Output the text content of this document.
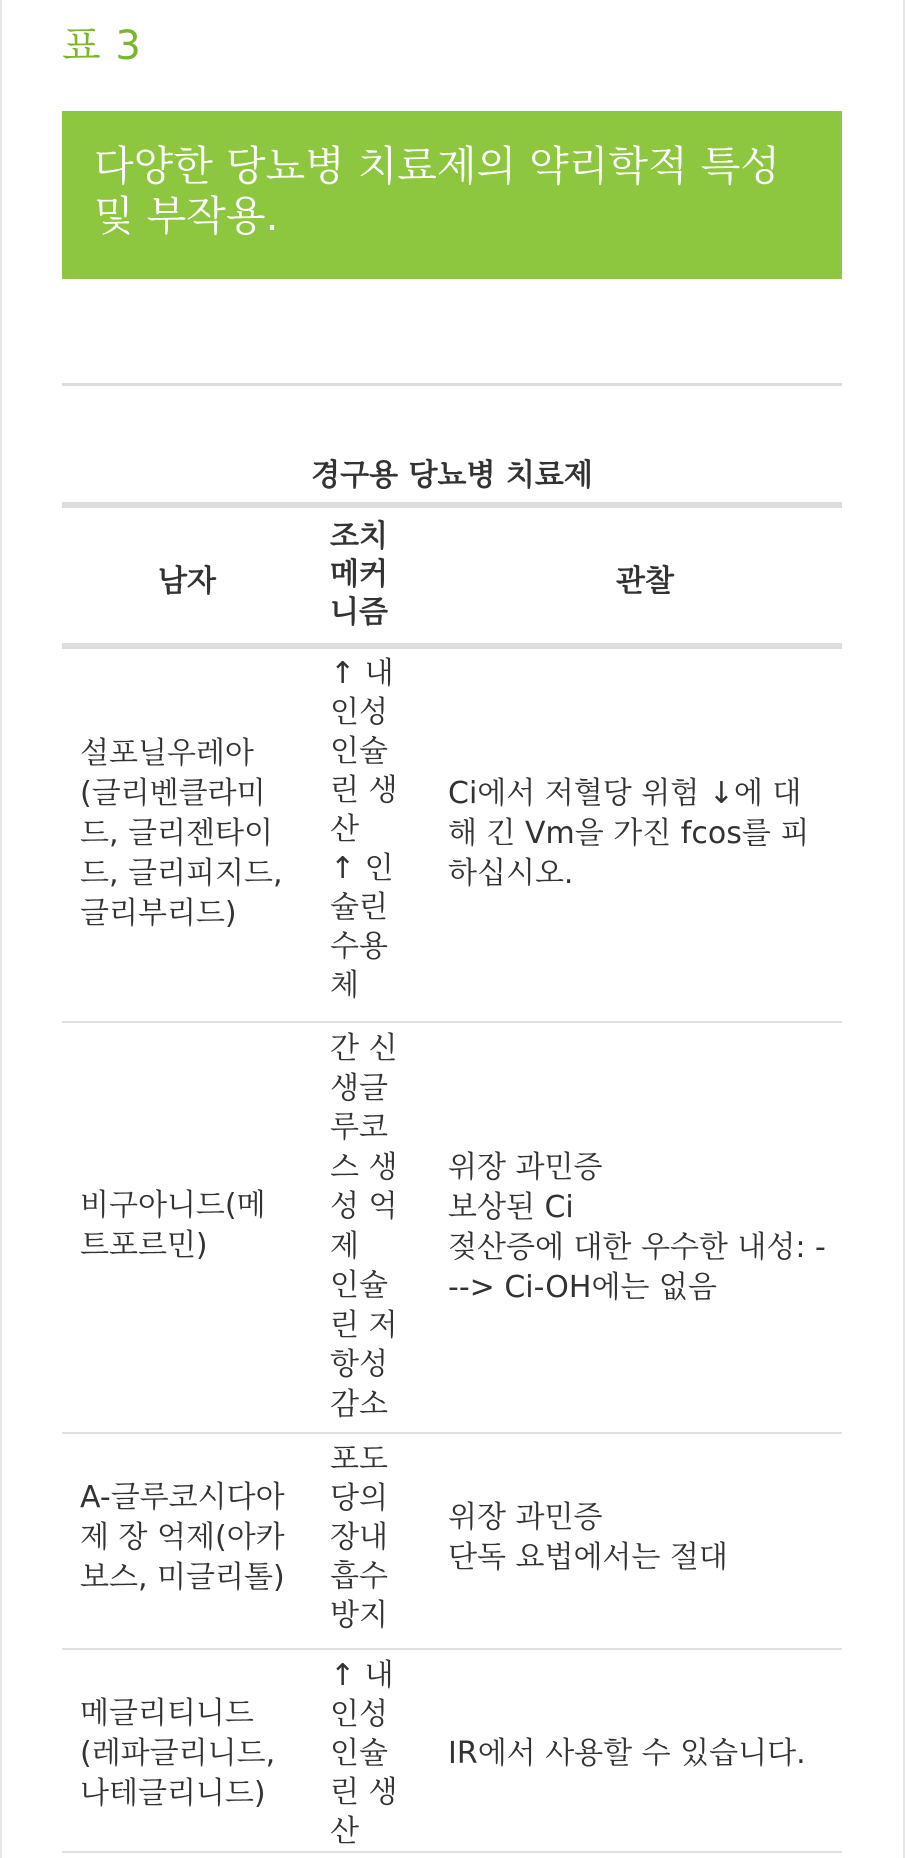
표 3
다양한 당뇨병 치료제의 약리학적 특성
및 부작용.
경구용 당뇨병 치료제
남자
조치
메커
니즘
관찰
설포닐우레아
(글리벤클라미
드, 글리젠타이
드, 글리피지드,
글리부리드)
↑ 내
인성
인슐
린 생
산
↑ 인
슐린
수용
체
Ci에서 저혈당 위험 ↓에 대
해 긴 Vm을 가진 fcos를 피
하십시오.
비구아니드(메
트포르민)
간 신
생글
루코
스 생
성 억
제
인슐
린 저
항성
감소
위장 과민증
보상된 Ci
젖산증에 대한 우수한 내성: -
--> Ci-OH에는 없음
A-글루코시다아
제 장 억제(아카
보스, 미글리톨)
포도
당의
장내
흡수
방지
위장 과민증
단독 요법에서는 절대
메글리티니드
(레파글리니드,
나테글리니드)
↑ 내
인성
인슐
린 생
산
IR에서 사용할 수 있습니다.
